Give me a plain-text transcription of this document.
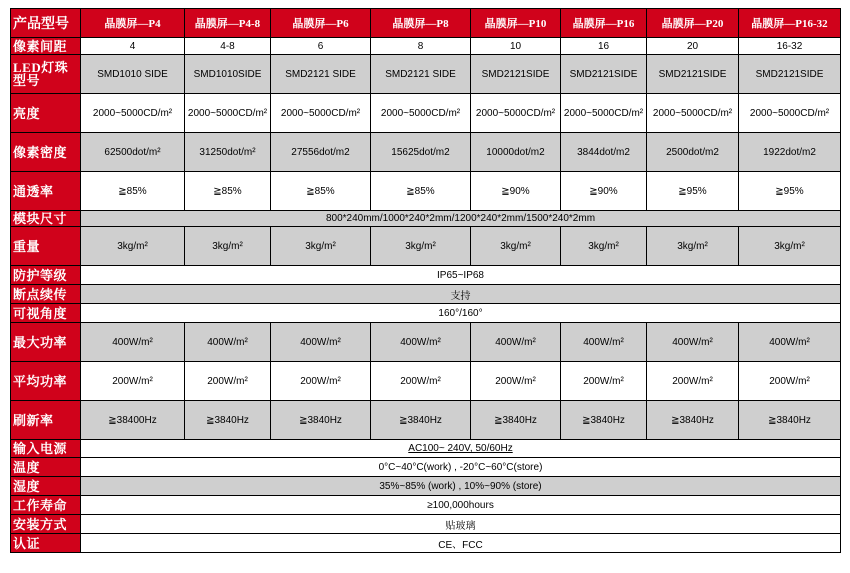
产品型号	晶膜屏—P4	晶膜屏—P4-8	晶膜屏—P6	晶膜屏—P8	晶膜屏—P10	晶膜屏—P16	晶膜屏—P20	晶膜屏—P16-32
像素间距	4	4-8	6	8	10	16	20	16-32
LED灯珠型号	SMD1010 SIDE	SMD1010SIDE	SMD2121 SIDE	SMD2121 SIDE	SMD2121SIDE	SMD2121SIDE	SMD2121SIDE	SMD2121SIDE
亮度	2000~5000CD/m²	2000~5000CD/m²	2000~5000CD/m²	2000~5000CD/m²	2000~5000CD/m²	2000~5000CD/m²	2000~5000CD/m²	2000~5000CD/m²
像素密度	62500dot/m²	31250dot/m²	27556dot/m2	15625dot/m2	10000dot/m2	3844dot/m2	2500dot/m2	1922dot/m2
通透率	≧85%	≧85%	≧85%	≧85%	≧90%	≧90%	≧95%	≧95%
模块尺寸	800*240mm/1000*240*2mm/1200*240*2mm/1500*240*2mm							
重量	3kg/m²	3kg/m²	3kg/m²	3kg/m²	3kg/m²	3kg/m²	3kg/m²	3kg/m²
防护等级	IP65~IP68							
断点续传	支持							
可视角度	160°/160°							
最大功率	400W/m²	400W/m²	400W/m²	400W/m²	400W/m²	400W/m²	400W/m²	400W/m²
平均功率	200W/m²	200W/m²	200W/m²	200W/m²	200W/m²	200W/m²	200W/m²	200W/m²
刷新率	≧38400Hz	≧3840Hz	≧3840Hz	≧3840Hz	≧3840Hz	≧3840Hz	≧3840Hz	≧3840Hz
输入电源	AC100~ 240V, 50/60Hz							
温度	0°C~40°C(work) , -20°C~60°C(store)							
湿度	35%~85% (work) , 10%~90% (store)							
工作寿命	≥100,000hours							
安装方式	贴玻璃							
认证	CE、FCC							
